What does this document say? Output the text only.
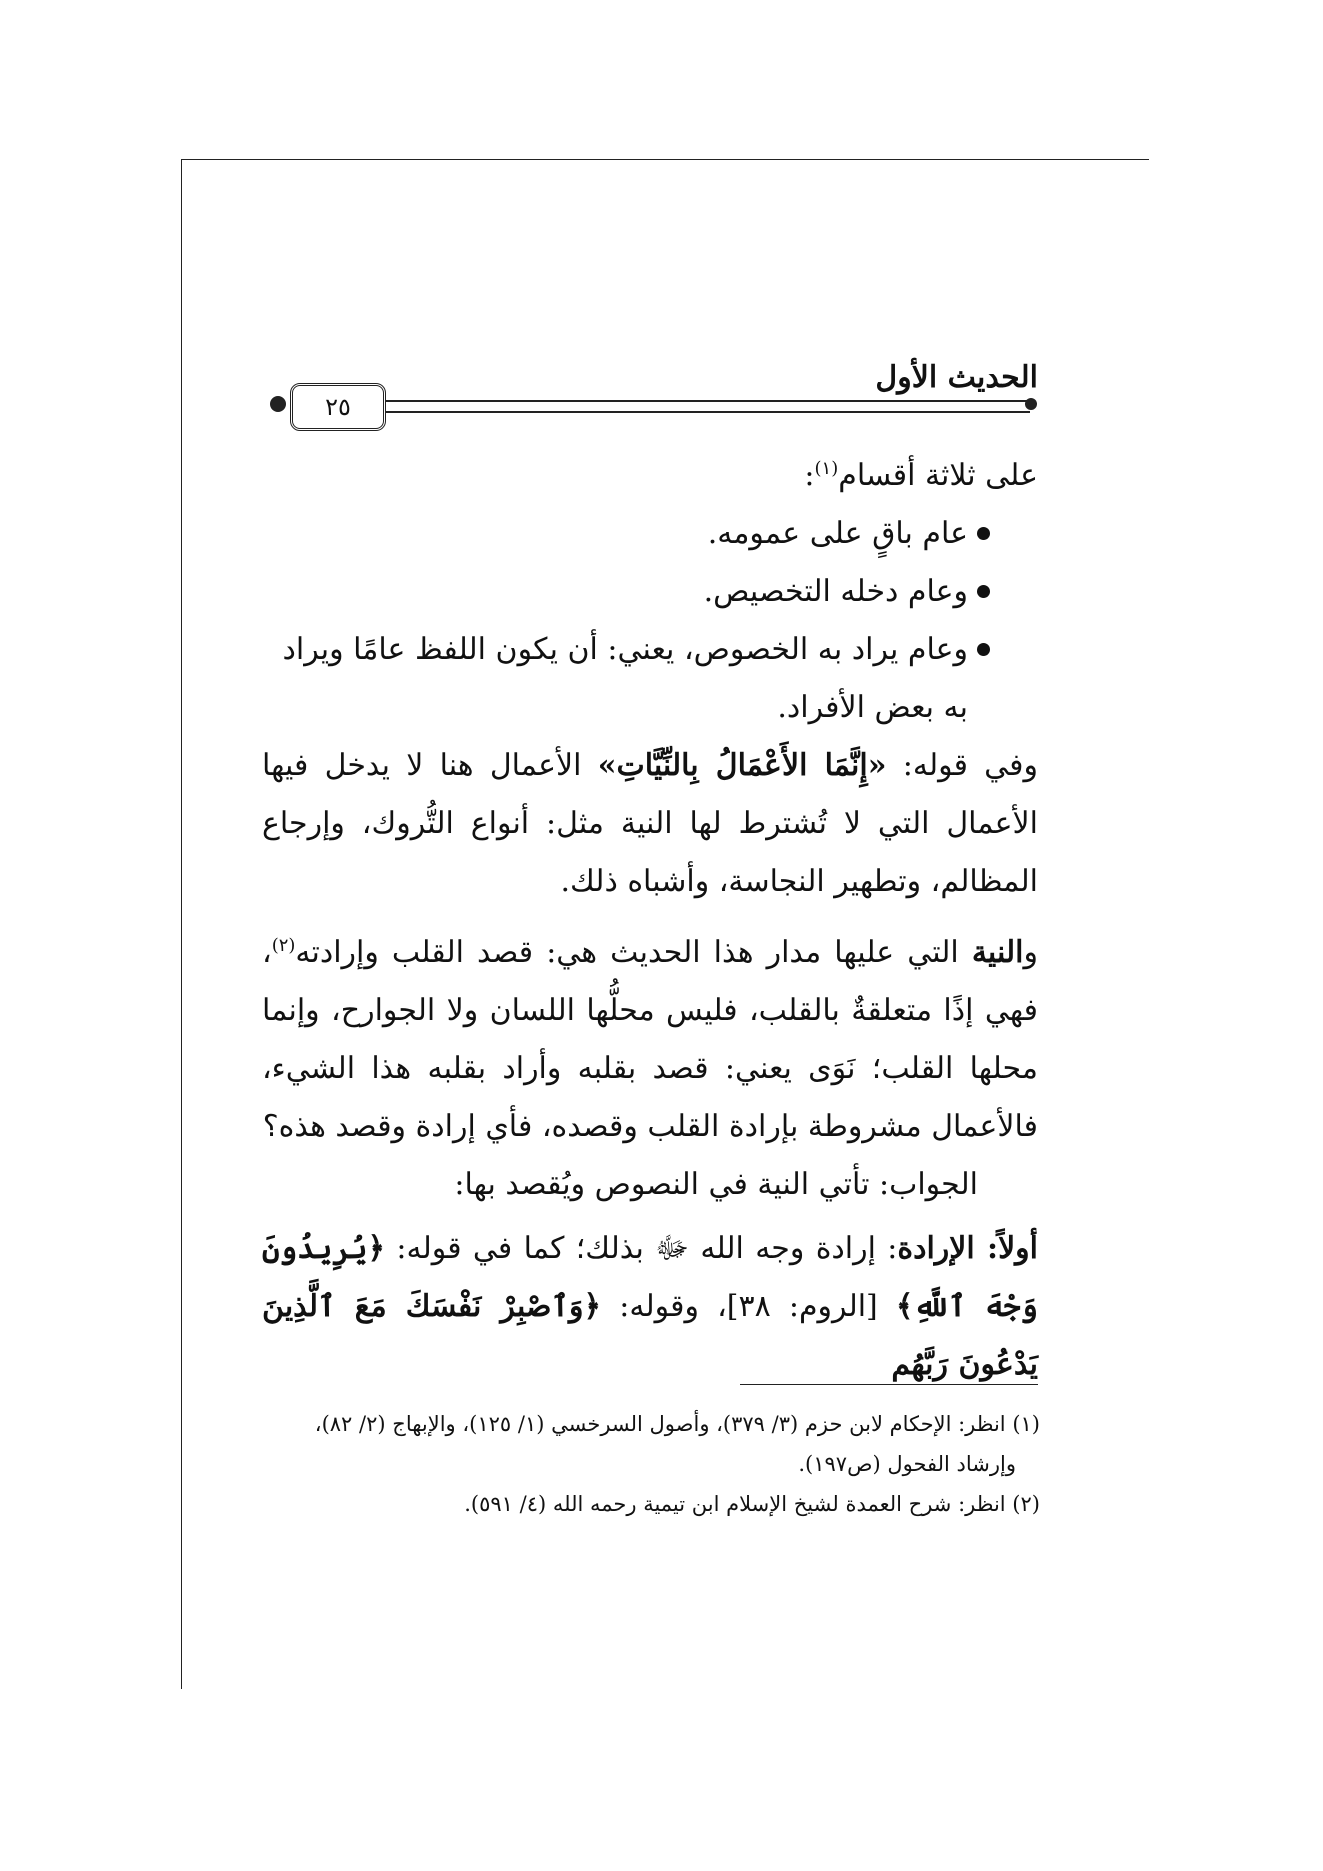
الحديث الأول
٢٥
على ثلاثة أقسام$^{(١)}$:
عام باقٍ على عمومه.
وعام دخله التخصيص.
وعام يراد به الخصوص، يعني: أن يكون اللفظ عامًا ويراد به بعض الأفراد.
وفي قوله: «إِنَّمَا الأَعْمَالُ بِالنِّيَّاتِ» الأعمال هنا لا يدخل فيها الأعمال التي لا تُشترط لها النية مثل: أنواع التُّروك، وإرجاع المظالم، وتطهير النجاسة، وأشباه ذلك.
والنية التي عليها مدار هذا الحديث هي: قصد القلب وإرادته$^{(٢)}$، فهي إذًا متعلقةٌ بالقلب، فليس محلُّها اللسان ولا الجوارح، وإنما محلها القلب؛ نَوَى يعني: قصد بقلبه وأراد بقلبه هذا الشيء، فالأعمال مشروطة بإرادة القلب وقصده، فأي إرادة وقصد هذه؟
الجواب: تأتي النية في النصوص ويُقصد بها:
أولاً: الإرادة: إرادة وجه الله ﷻ بذلك؛ كما في قوله: ﴿يُرِيدُونَ وَجْهَ ٱللَّهِ﴾ [الروم: ٣٨]، وقوله: ﴿وَٱصْبِرْ نَفْسَكَ مَعَ ٱلَّذِينَ يَدْعُونَ رَبَّهُم
(١) انظر: الإحكام لابن حزم (٣/ ٣٧٩)، وأصول السرخسي (١/ ١٢٥)، والإبهاج (٢/ ٨٢)،
وإرشاد الفحول (ص١٩٧).
(٢) انظر: شرح العمدة لشيخ الإسلام ابن تيمية رحمه الله (٤/ ٥٩١).
